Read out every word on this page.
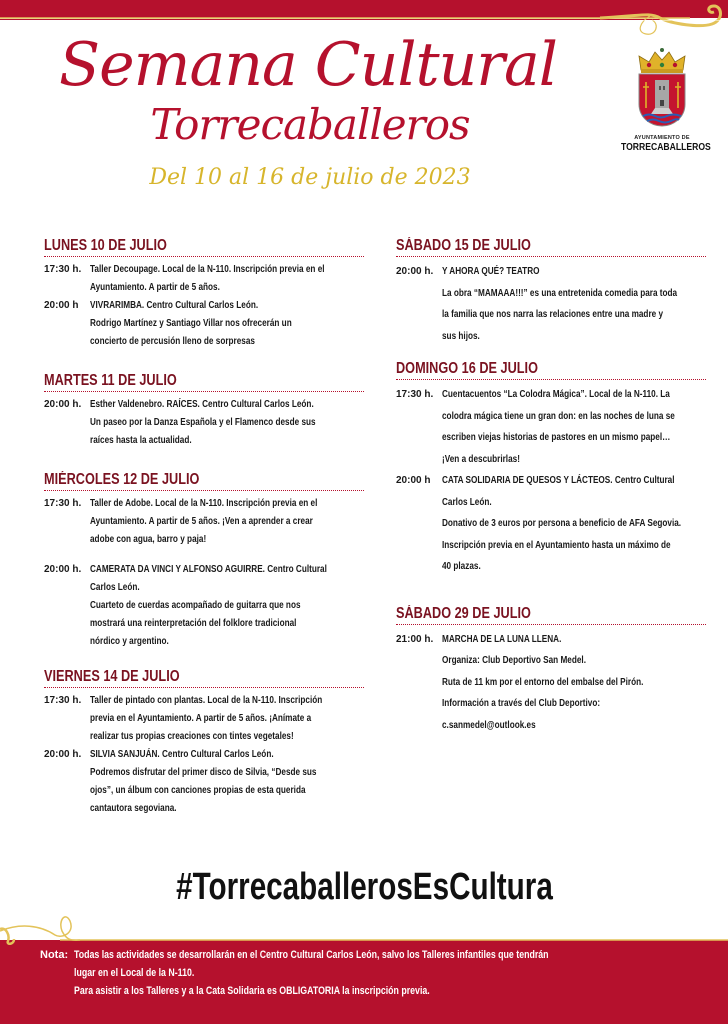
Semana Cultural
Torrecaballeros
Del 10 al 16 de julio de 2023
AYUNTAMIENTO DE
TORRECABALLEROS
LUNES 10 DE JULIO
17:30 h. Taller Decoupage. Local de la N-110. Inscripción previa en el
Ayuntamiento. A partir de 5 años.
20:00 h	VIVRARIMBA. Centro Cultural Carlos León.
Rodrigo Martínez y Santiago Villar nos ofrecerán un
concierto de percusión lleno de sorpresas
MARTES 11 DE JULIO
20:00 h. Esther Valdenebro. RAÍCES. Centro Cultural Carlos León.
Un paseo por la Danza Española y el Flamenco desde sus
raíces hasta la actualidad.
MIÉRCOLES 12 DE JULIO
17:30 h. Taller de Adobe. Local de la N-110. Inscripción previa en el
Ayuntamiento. A partir de 5 años. ¡Ven a aprender a crear
adobe con agua, barro y paja!
20:00 h. CAMERATA DA VINCI Y ALFONSO AGUIRRE. Centro Cultural
Carlos León.
Cuarteto de cuerdas acompañado de guitarra que nos
mostrará una reinterpretación del folklore tradicional
nórdico y argentino.
VIERNES 14 DE JULIO
17:30 h. Taller de pintado con plantas. Local de la N-110. Inscripción
previa en el Ayuntamiento. A partir de 5 años. ¡Anímate a
realizar tus propias creaciones con tintes vegetales!
20:00 h. SILVIA SANJUÁN. Centro Cultural Carlos León.
Podremos disfrutar del primer disco de Silvia, “Desde sus
ojos”, un álbum con canciones propias de esta querida
cantautora segoviana.
SÁBADO 15 DE JULIO
20:00 h. Y AHORA QUÉ? TEATRO
La obra “MAMAAA!!!” es una entretenida comedia para toda
la familia que nos narra las relaciones entre una madre y
sus hijos.
DOMINGO 16 DE JULIO
17:30 h. Cuentacuentos “La Colodra Mágica”. Local de la N-110. La
colodra mágica tiene un gran don: en las noches de luna se
escriben viejas historias de pastores en un mismo papel…
¡Ven a descubrirlas!
20:00 h	CATA SOLIDARIA DE QUESOS Y LÁCTEOS. Centro Cultural
Carlos León.
Donativo de 3 euros por persona a beneficio de AFA Segovia.
Inscripción previa en el Ayuntamiento hasta un máximo de
40 plazas.
SÁBADO 29 DE JULIO
21:00 h. MARCHA DE LA LUNA LLENA.
Organiza: Club Deportivo San Medel.
Ruta de 11 km por el entorno del embalse del Pirón.
Información a través del Club Deportivo:
c.sanmedel@outlook.es
#TorrecaballerosEsCultura
Nota: Todas las actividades se desarrollarán en el Centro Cultural Carlos León, salvo los Talleres infantiles que tendrán
lugar en el Local de la N-110.
Para asistir a los Talleres y a la Cata Solidaria es OBLIGATORIA la inscripción previa.
